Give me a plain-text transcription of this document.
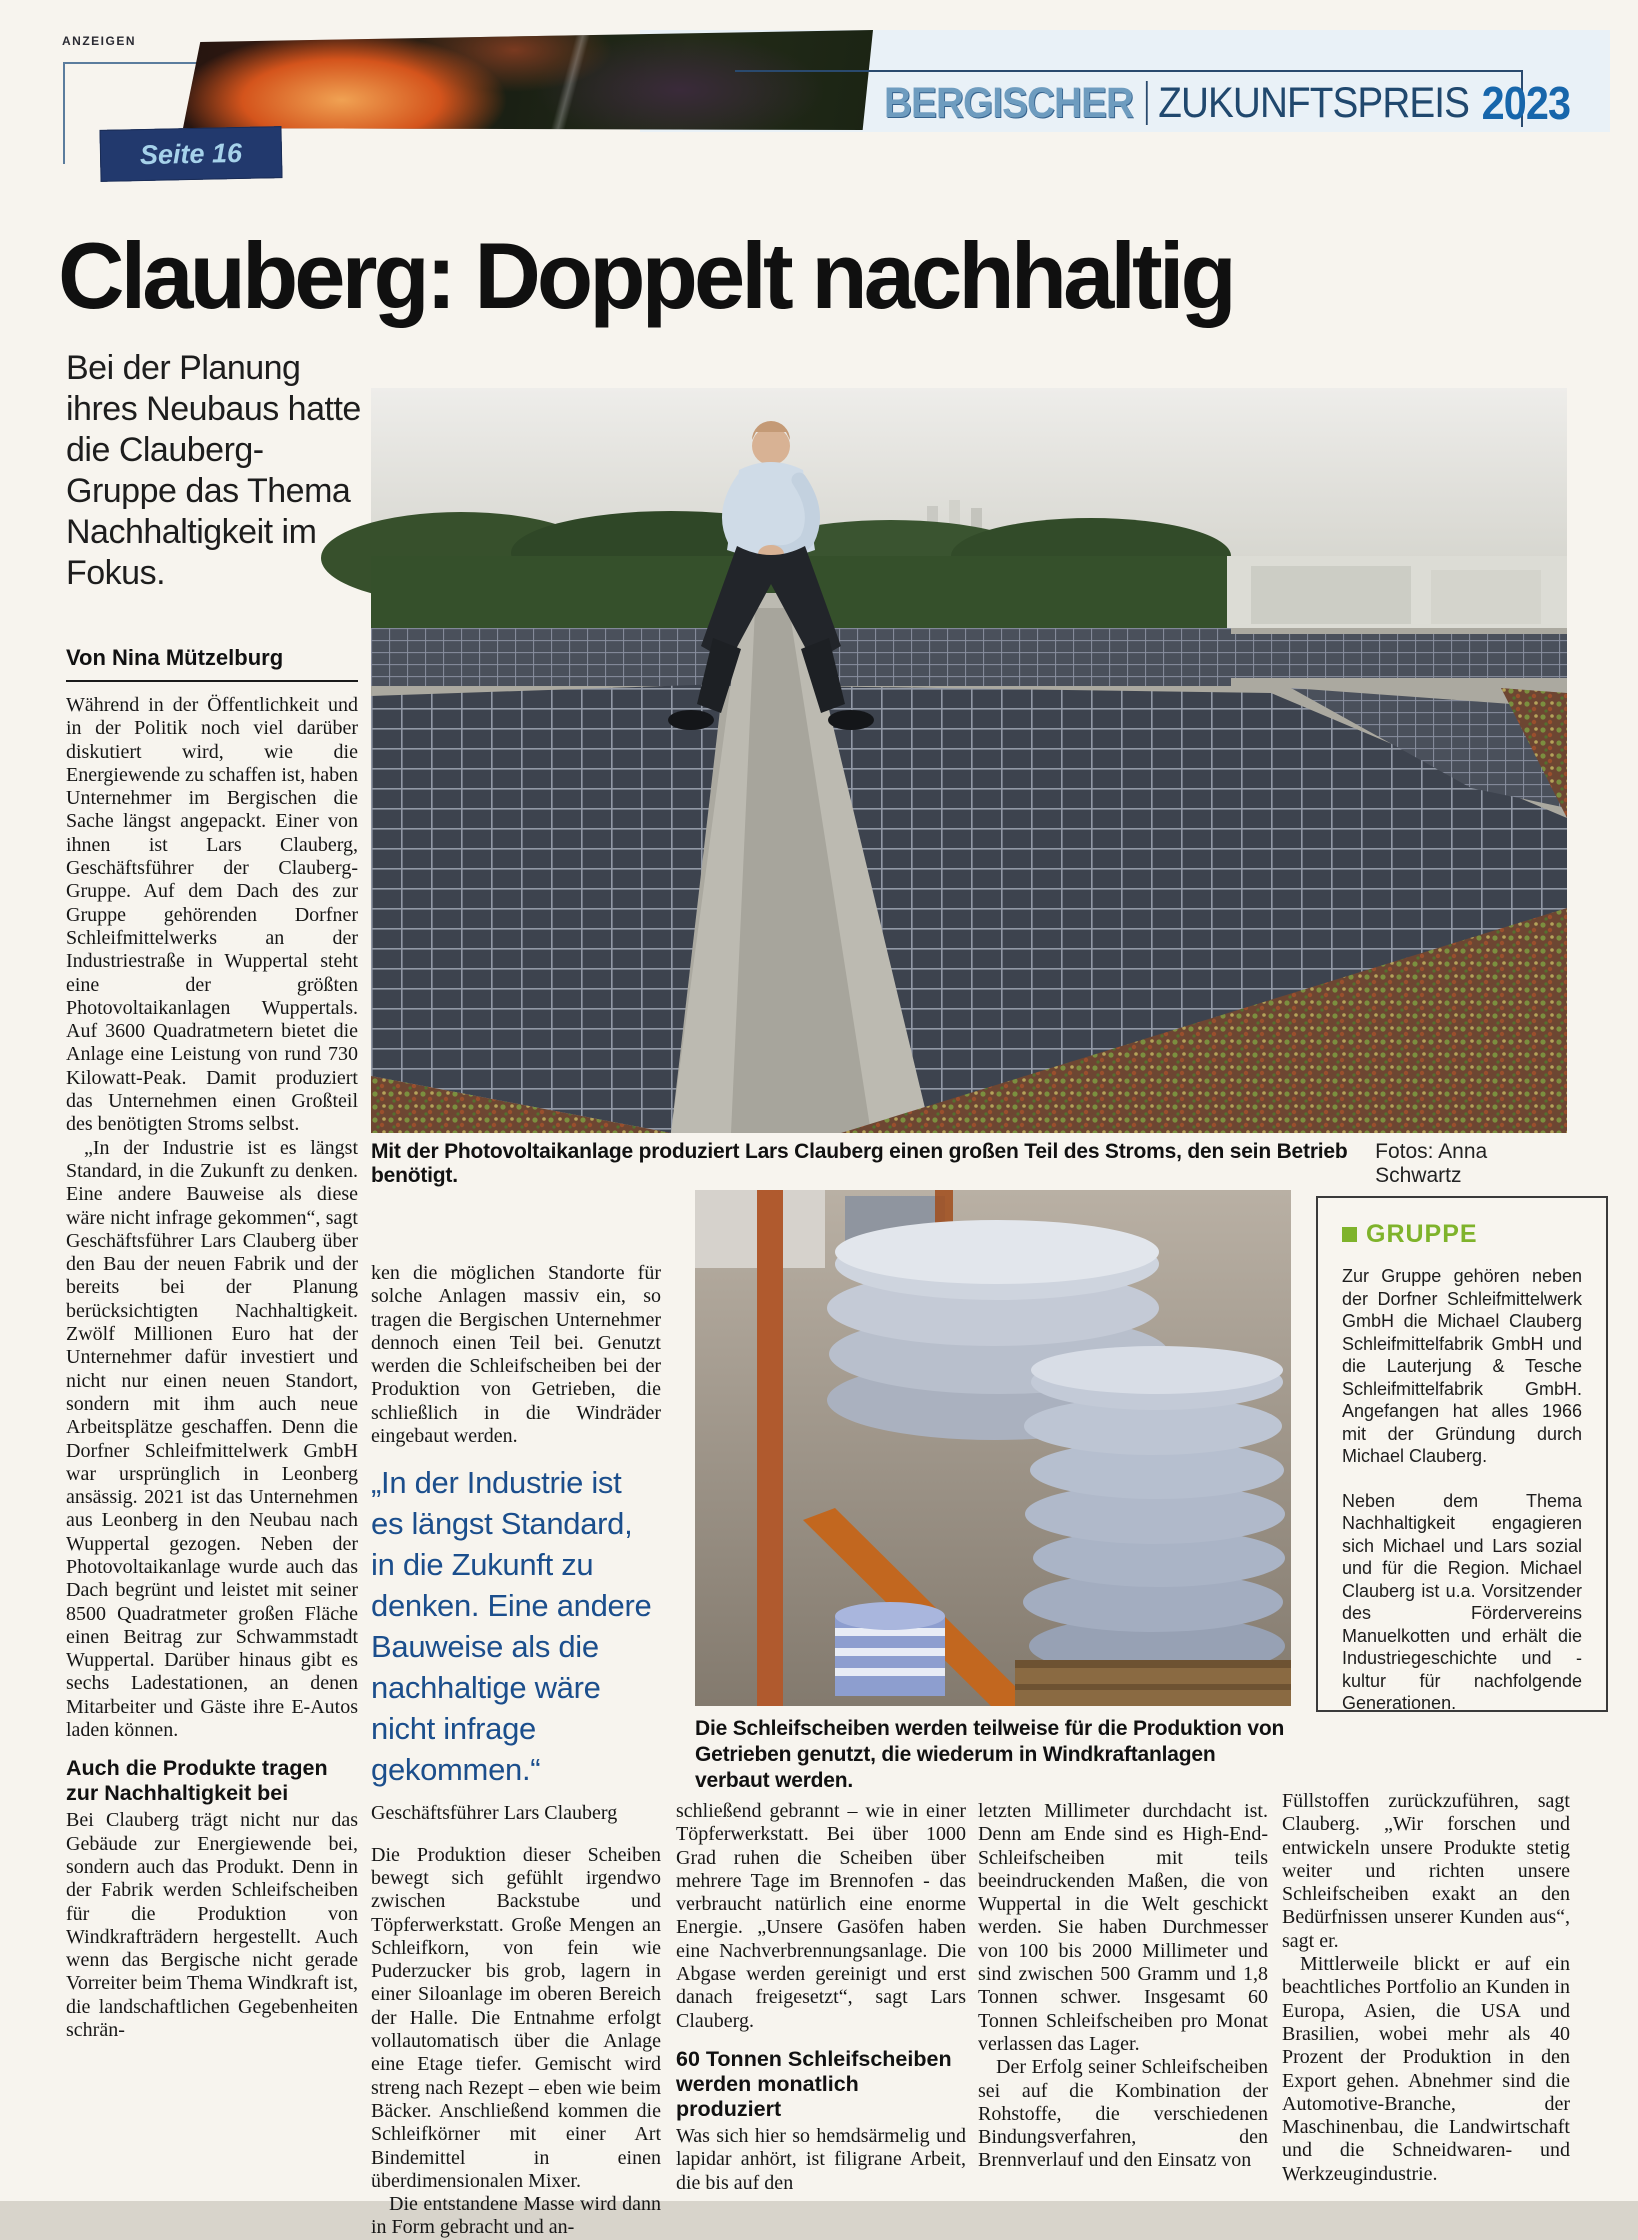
ANZEIGEN
Seite 16
BERGISCHER ZUKUNFTSPREIS 2023
Clauberg: Doppelt nachhaltig
Bei der Planung ihres Neubaus hatte die Clauberg-Gruppe das Thema Nachhaltigkeit im Fokus.
Von Nina Mützelburg

Während in der Öffentlichkeit und in der Politik noch viel darüber diskutiert wird, wie die Energiewende zu schaffen ist, haben Unternehmer im Bergischen die Sache längst angepackt. Einer von ihnen ist Lars Clauberg, Geschäftsführer der Clauberg-Gruppe. Auf dem Dach des zur Gruppe gehörenden Dorfner Schleifmittelwerks an der Industriestraße in Wuppertal steht eine der größten Photovoltaikanlagen Wuppertals. Auf 3600 Quadratmetern bietet die Anlage eine Leistung von rund 730 Kilowatt-Peak. Damit produziert das Unternehmen einen Großteil des benötigten Stroms selbst.

„In der Industrie ist es längst Standard, in die Zukunft zu denken. Eine andere Bauweise als diese wäre nicht infrage gekommen“, sagt Geschäftsführer Lars Clauberg über den Bau der neuen Fabrik und der bereits bei der Planung berücksichtigten Nachhaltigkeit. Zwölf Millionen Euro hat der Unternehmer dafür investiert und nicht nur einen neuen Standort, sondern mit ihm auch neue Arbeitsplätze geschaffen. Denn die Dorfner Schleifmittelwerk GmbH war ursprünglich in Leonberg ansässig. 2021 ist das Unternehmen aus Leonberg in den Neubau nach Wuppertal gezogen. Neben der Photovoltaikanlage wurde auch das Dach begrünt und leistet mit seiner 8500 Quadratmeter großen Fläche einen Beitrag zur Schwammstadt Wuppertal. Darüber hinaus gibt es sechs Ladestationen, an denen Mitarbeiter und Gäste ihre E-Autos laden können.

Auch die Produkte tragen zur Nachhaltigkeit bei

Bei Clauberg trägt nicht nur das Gebäude zur Energiewende bei, sondern auch das Produkt. Denn in der Fabrik werden Schleifscheiben für die Produktion von Windkrafträdern hergestellt. Auch wenn das Bergische nicht gerade Vorreiter beim Thema Windkraft ist, die landschaftlichen Gegebenheiten schrän-

Mit der Photovoltaikanlage produziert Lars Clauberg einen großen Teil des Stroms, den sein Betrieb benötigt.
Fotos: Anna Schwartz

ken die möglichen Standorte für solche Anlagen massiv ein, so tragen die Bergischen Unternehmer dennoch einen Teil bei. Genutzt werden die Schleifscheiben bei der Produktion von Getrieben, die schließlich in die Windräder eingebaut werden.

„In der Industrie ist es längst Standard, in die Zukunft zu denken. Eine andere Bauweise als die nachhaltige wäre nicht infrage gekommen.“
Geschäftsführer Lars Clauberg

Die Produktion dieser Scheiben bewegt sich gefühlt irgendwo zwischen Backstube und Töpferwerkstatt. Große Mengen an Schleifkorn, von fein wie Puderzucker bis grob, lagern in einer Siloanlage im oberen Bereich der Halle. Die Entnahme erfolgt vollautomatisch über die Anlage eine Etage tiefer. Gemischt wird streng nach Rezept – eben wie beim Bäcker. Anschließend kommen die Schleifkörner mit einer Art Bindemittel in einen überdimensionalen Mixer.

Die entstandene Masse wird dann in Form gebracht und an-

Die Schleifscheiben werden teilweise für die Produktion von Getrieben genutzt, die wiederum in Windkraftanlagen verbaut werden.
GRUPPE

Zur Gruppe gehören neben der Dorfner Schleifmittelwerk GmbH die Michael Clauberg Schleifmittelfabrik GmbH und die Lauterjung & Tesche Schleifmittelfabrik GmbH. Angefangen hat alles 1966 mit der Gründung durch Michael Clauberg.

Neben dem Thema Nachhaltigkeit engagieren sich Michael und Lars sozial und für die Region. Michael Clauberg ist u.a. Vorsitzender des Fördervereins Manuelkotten und erhält die Industriegeschichte und -kultur für nachfolgende Generationen.

schließend gebrannt – wie in einer Töpferwerkstatt. Bei über 1000 Grad ruhen die Scheiben über mehrere Tage im Brennofen - das verbraucht natürlich eine enorme Energie. „Unsere Gasöfen haben eine Nachverbrennungsanlage. Die Abgase werden gereinigt und erst danach freigesetzt“, sagt Lars Clauberg.

60 Tonnen Schleifscheiben werden monatlich produziert

Was sich hier so hemdsärmelig und lapidar anhört, ist filigrane Arbeit, die bis auf den

letzten Millimeter durchdacht ist. Denn am Ende sind es High-End-Schleifscheiben mit teils beeindruckenden Maßen, die von Wuppertal in die Welt geschickt werden. Sie haben Durchmesser von 100 bis 2000 Millimeter und sind zwischen 500 Gramm und 1,8 Tonnen schwer. Insgesamt 60 Tonnen Schleifscheiben pro Monat verlassen das Lager.

Der Erfolg seiner Schleifscheiben sei auf die Kombination der Rohstoffe, die verschiedenen Bindungsverfahren, den Brennverlauf und den Einsatz von

Füllstoffen zurückzuführen, sagt Clauberg. „Wir forschen und entwickeln unsere Produkte stetig weiter und richten unsere Schleifscheiben exakt an den Bedürfnissen unserer Kunden aus“, sagt er.

Mittlerweile blickt er auf ein beachtliches Portfolio an Kunden in Europa, Asien, die USA und Brasilien, wobei mehr als 40 Prozent der Produktion in den Export gehen. Abnehmer sind die Automotive-Branche, der Maschinenbau, die Landwirtschaft und die Schneidwaren- und Werkzeugindustrie.
